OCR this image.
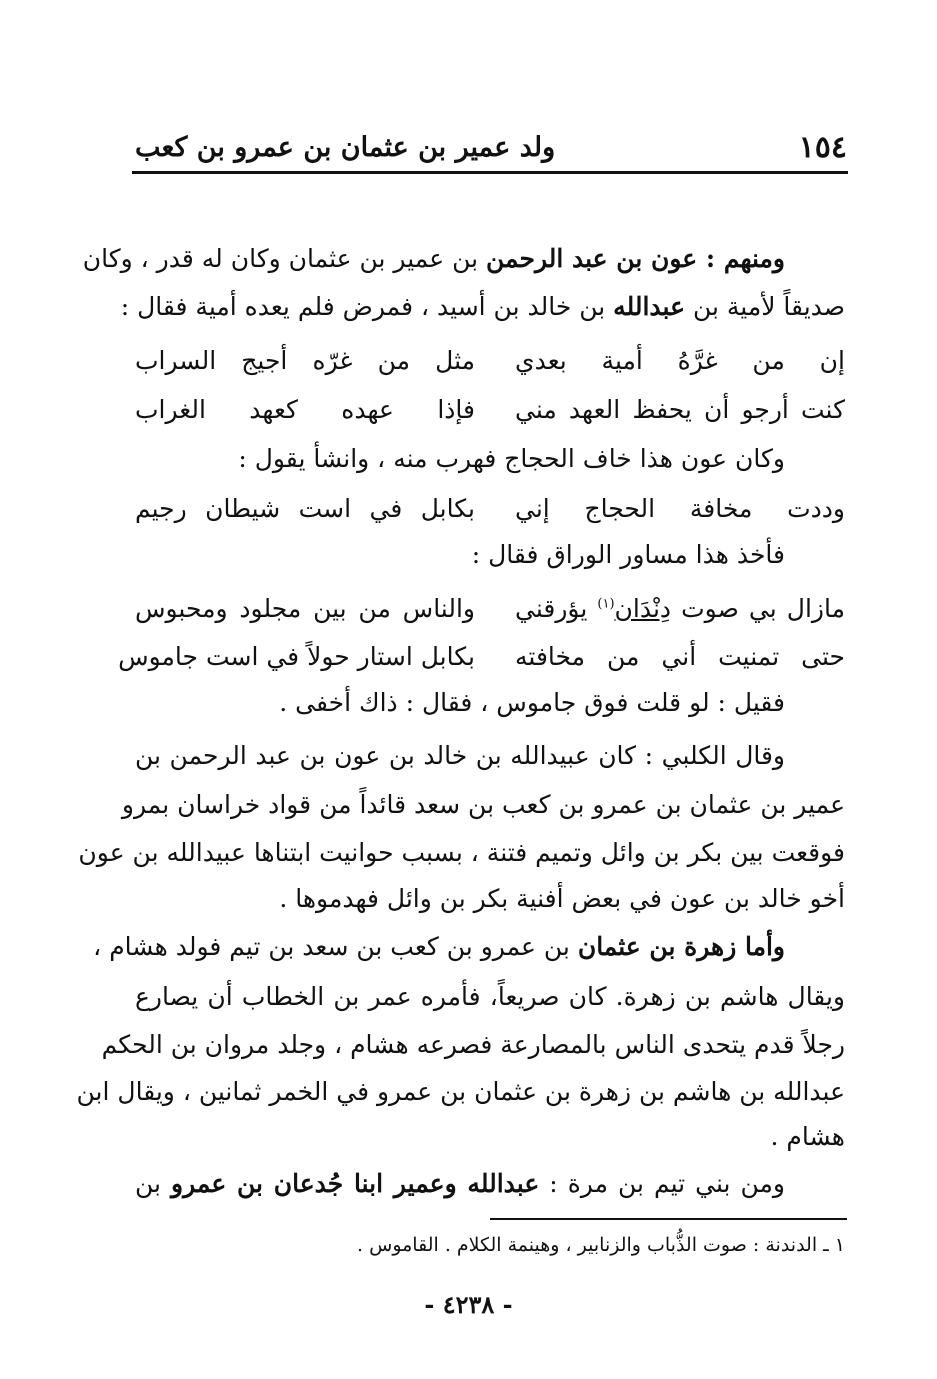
١٥٤
ولد عمير بن عثمان بن عمرو بن كعب
ومنهم : عون بن عبد الرحمن بن عمير بن عثمان وكان له قدر ، وكان
صديقاً لأمية بن عبدالله بن خالد بن أسيد ، فمرض فلم يعده أمية فقال :
إن من غرَّهُ أمية بعدي
مثل من غرّه أجيج السراب
كنت أرجو أن يحفظ العهد مني
فإذا عهده كعهد الغراب
وكان عون هذا خاف الحجاج فهرب منه ، وانشأ يقول :
وددت مخافة الحجاج إني
بكابل في است شيطان رجيم
فأخذ هذا مساور الوراق فقال :
مازال بي صوت دِنْدَان$^{(١)}$ يؤرقني
والناس من بين مجلود ومحبوس
حتى تمنيت أني من مخافته
بكابل استار حولاً في است جاموس
فقيل : لو قلت فوق جاموس ، فقال : ذاك أخفى .
وقال الكلبي : كان عبيدالله بن خالد بن عون بن عبد الرحمن بن
عمير بن عثمان بن عمرو بن كعب بن سعد قائداً من قواد خراسان بمرو
فوقعت بين بكر بن وائل وتميم فتنة ، بسبب حوانيت ابتناها عبيدالله بن عون
أخو خالد بن عون في بعض أفنية بكر بن وائل فهدموها .
وأما زهرة بن عثمان بن عمرو بن كعب بن سعد بن تيم فولد هشام ،
ويقال هاشم بن زهرة. كان صريعاً، فأمره عمر بن الخطاب أن يصارع
رجلاً قدم يتحدى الناس بالمصارعة فصرعه هشام ، وجلد مروان بن الحكم
عبدالله بن هاشم بن زهرة بن عثمان بن عمرو في الخمر ثمانين ، ويقال ابن
هشام .
ومن بني تيم بن مرة : عبدالله وعمير ابنا جُدعان بن عمرو بن
١ ـ الدندنة : صوت الذُّباب والزنابير ، وهينمة الكلام . القاموس .
- ٤٢٣٨ -
